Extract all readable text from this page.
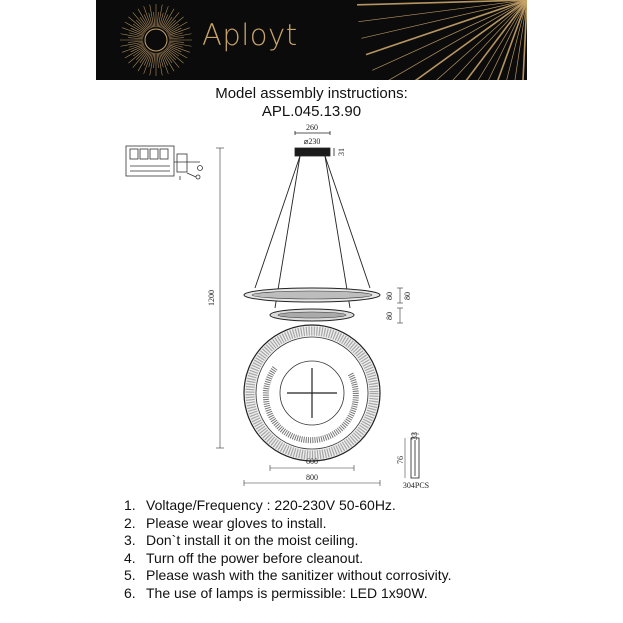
Aployt
Model assembly instructions:
APL.045.13.90
260
⌀230
31
1200	80 80
80
600
800
76
33
304PCS
1. Voltage/Frequency : 220-230V 50-60Hz.
2. Please wear gloves to install.
3. Don`t install it on the moist ceiling.
4. Turn off the power before cleanout.
5. Please wash with the sanitizer without corrosivity.
6. The use of lamps is permissible: LED 1x90W.
